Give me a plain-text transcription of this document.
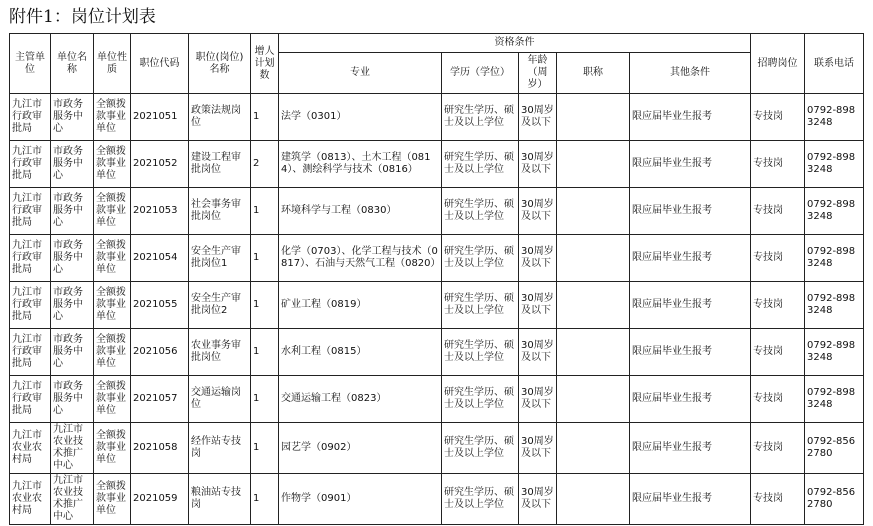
附件1：岗位计划表
主管单位	单位名称	单位性质	职位代码	职位(岗位)名称	增人计划数	资格条件					招聘岗位	联系电话
						专业	学历（学位）	年龄（周岁）	职称	其他条件		
九江市行政审批局	市政务服务中心	全额拨款事业单位	2021051	政策法规岗位	1	法学（0301）	研究生学历、硕士及以上学位	30周岁及以下		限应届毕业生报考	专技岗	0792-8983248
九江市行政审批局	市政务服务中心	全额拨款事业单位	2021052	建设工程审批岗位	2	建筑学（0813）、土木工程（0814）、测绘科学与技术（0816）	研究生学历、硕士及以上学位	30周岁及以下		限应届毕业生报考	专技岗	0792-8983248
九江市行政审批局	市政务服务中心	全额拨款事业单位	2021053	社会事务审批岗位	1	环境科学与工程（0830）	研究生学历、硕士及以上学位	30周岁及以下		限应届毕业生报考	专技岗	0792-8983248
九江市行政审批局	市政务服务中心	全额拨款事业单位	2021054	安全生产审批岗位1	1	化学（0703）、化学工程与技术（0817）、石油与天然气工程（0820）	研究生学历、硕士及以上学位	30周岁及以下		限应届毕业生报考	专技岗	0792-8983248
九江市行政审批局	市政务服务中心	全额拨款事业单位	2021055	安全生产审批岗位2	1	矿业工程（0819）	研究生学历、硕士及以上学位	30周岁及以下		限应届毕业生报考	专技岗	0792-8983248
九江市行政审批局	市政务服务中心	全额拨款事业单位	2021056	农业事务审批岗位	1	水利工程（0815）	研究生学历、硕士及以上学位	30周岁及以下		限应届毕业生报考	专技岗	0792-8983248
九江市行政审批局	市政务服务中心	全额拨款事业单位	2021057	交通运输岗位	1	交通运输工程（0823）	研究生学历、硕士及以上学位	30周岁及以下		限应届毕业生报考	专技岗	0792-8983248
九江市农业农村局	九江市农业技术推广中心	全额拨款事业单位	2021058	经作站专技岗	1	园艺学（0902）	研究生学历、硕士及以上学位	30周岁及以下		限应届毕业生报考	专技岗	0792-8562780
九江市农业农村局	九江市农业技术推广中心	全额拨款事业单位	2021059	粮油站专技岗	1	作物学（0901）	研究生学历、硕士及以上学位	30周岁及以下		限应届毕业生报考	专技岗	0792-8562780
